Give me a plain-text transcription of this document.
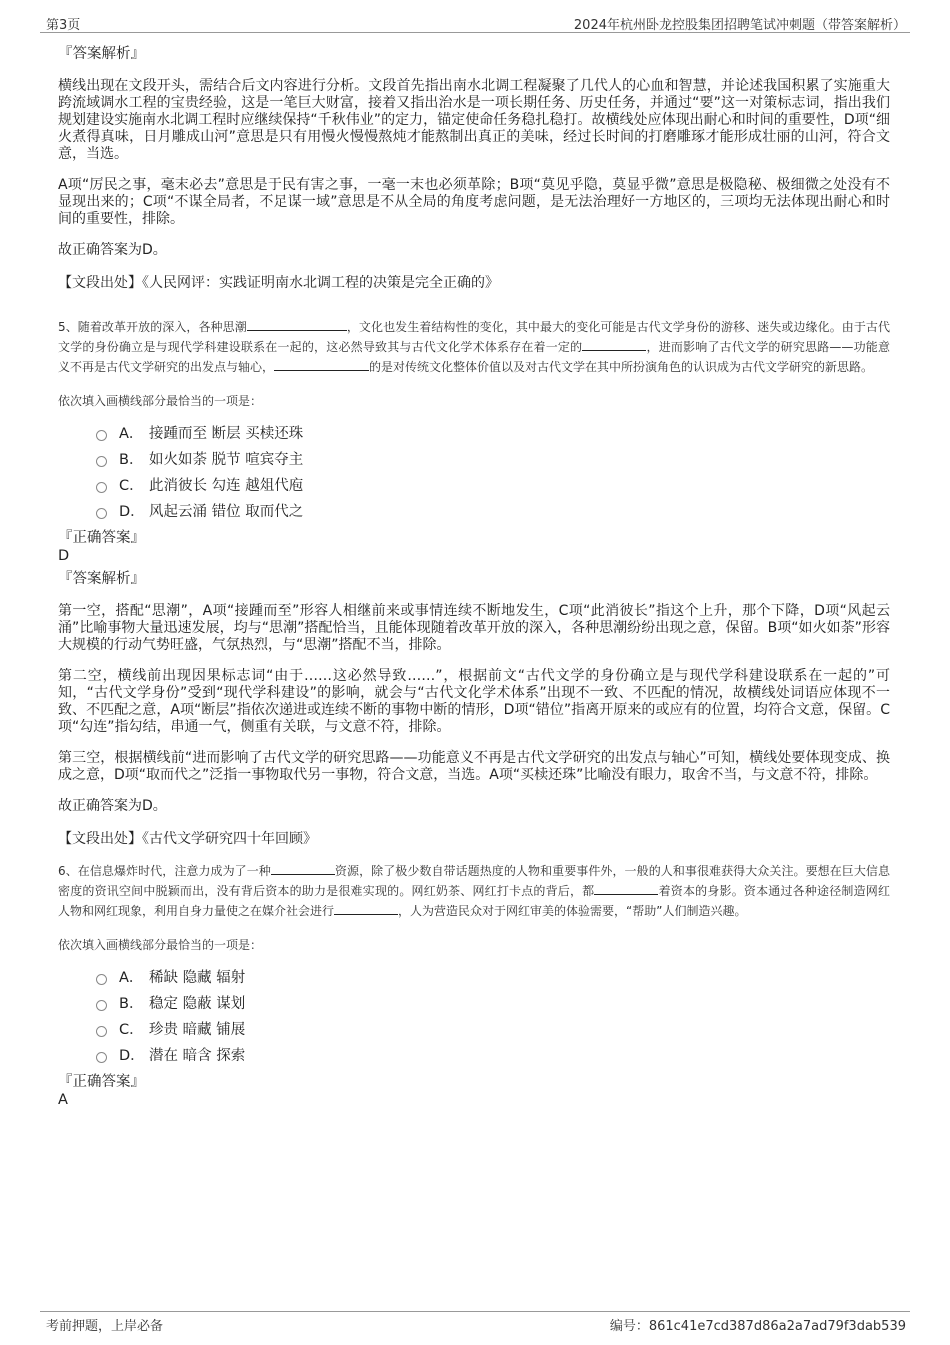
第3页	2024年杭州卧龙控股集团招聘笔试冲刺题（带答案解析）
『答案解析』

横线出现在文段开头，需结合后文内容进行分析。文段首先指出南水北调工程凝聚了几代人的心血和智慧，并论述我国积累了实施重大跨流域调水工程的宝贵经验，这是一笔巨大财富，接着又指出治水是一项长期任务、历史任务，并通过“要”这一对策标志词，指出我们规划建设实施南水北调工程时应继续保持“千秋伟业”的定力，锚定使命任务稳扎稳打。故横线处应体现出耐心和时间的重要性，D项“细火煮得真味，日月雕成山河”意思是只有用慢火慢慢熬炖才能熬制出真正的美味，经过长时间的打磨雕琢才能形成壮丽的山河，符合文意，当选。

A项“厉民之事，毫末必去”意思是于民有害之事，一毫一末也必须革除；B项“莫见乎隐，莫显乎微”意思是极隐秘、极细微之处没有不显现出来的；C项“不谋全局者，不足谋一域”意思是不从全局的角度考虑问题，是无法治理好一方地区的，三项均无法体现出耐心和时间的重要性，排除。

故正确答案为D。

【文段出处】《人民网评：实践证明南水北调工程的决策是完全正确的》

5、随着改革开放的深入，各种思潮	，文化也发生着结构性的变化，其中最大的变化可能是古代文学身份的游移、迷失或边缘化。由于古代文学的身份确立是与现代学科建设联系在一起的，这必然导致其与古代文化学术体系存在着一定的	，进而影响了古代文学的研究思路——功能意义不再是古代文学研究的出发点与轴心，	的是对传统文化整体价值以及对古代文学在其中所扮演角色的认识成为古代文学研究的新思路。

依次填入画横线部分最恰当的一项是：

A． 接踵而至 断层 买椟还珠
B． 如火如荼 脱节 喧宾夺主
C． 此消彼长 勾连 越俎代庖
D． 风起云涌 错位 取而代之
『正确答案』
D
『答案解析』

第一空，搭配“思潮”，A项“接踵而至”形容人相继前来或事情连续不断地发生，C项“此消彼长”指这个上升，那个下降，D项“风起云涌”比喻事物大量迅速发展，均与“思潮”搭配恰当，且能体现随着改革开放的深入，各种思潮纷纷出现之意，保留。B项“如火如荼”形容大规模的行动气势旺盛，气氛热烈，与“思潮”搭配不当，排除。

第二空，横线前出现因果标志词“由于……这必然导致……”，根据前文“古代文学的身份确立是与现代学科建设联系在一起的”可知，“古代文学身份”受到“现代学科建设”的影响，就会与“古代文化学术体系”出现不一致、不匹配的情况，故横线处词语应体现不一致、不匹配之意，A项“断层”指依次递进或连续不断的事物中断的情形，D项“错位”指离开原来的或应有的位置，均符合文意，保留。C项“勾连”指勾结，串通一气，侧重有关联，与文意不符，排除。

第三空，根据横线前“进而影响了古代文学的研究思路——功能意义不再是古代文学研究的出发点与轴心”可知，横线处要体现变成、换成之意，D项“取而代之”泛指一事物取代另一事物，符合文意，当选。A项“买椟还珠”比喻没有眼力，取舍不当，与文意不符，排除。

故正确答案为D。

【文段出处】《古代文学研究四十年回顾》

6、在信息爆炸时代，注意力成为了一种	资源，除了极少数自带话题热度的人物和重要事件外，一般的人和事很难获得大众关注。要想在巨大信息密度的资讯空间中脱颖而出，没有背后资本的助力是很难实现的。网红奶茶、网红打卡点的背后，都	着资本的身影。资本通过各种途径制造网红人物和网红现象，利用自身力量使之在媒介社会进行	，人为营造民众对于网红审美的体验需要，“帮助”人们制造兴趣。

依次填入画横线部分最恰当的一项是：

A． 稀缺 隐藏 辐射
B． 稳定 隐蔽 谋划
C． 珍贵 暗藏 铺展
D． 潜在 暗含 探索
『正确答案』
A
考前押题，上岸必备	编号：861c41e7cd387d86a2a7ad79f3dab539
